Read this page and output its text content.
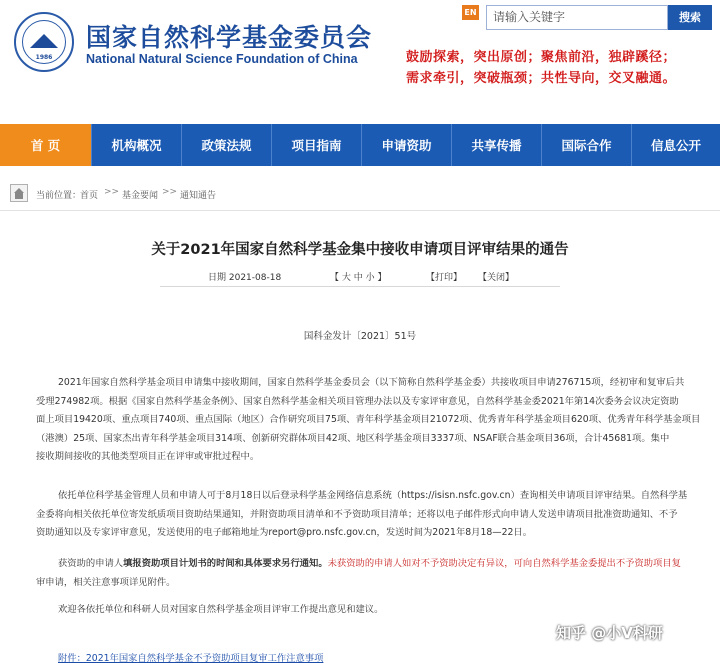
1986
国家自然科学基金委员会
National Natural Science Foundation of China
EN	请输入关键字	搜索
鼓励探索，突出原创；聚焦前沿，独辟蹊径；
需求牵引，突破瓶颈；共性导向，交叉融通。
首 页	机构概况	政策法规	项目指南	申请资助	共享传播	国际合作	信息公开
当前位置：
首页 >> 基金要闻 >> 通知通告
关于2021年国家自然科学基金集中接收申请项目评审结果的通告
日期 2021-08-18	【 大 中 小 】	【打印】 【关闭】
国科金发计〔2021〕51号
2021年国家自然科学基金项目申请集中接收期间，国家自然科学基金委员会（以下简称自然科学基金委）共接收项目申请276715项，经初审和复审后共
受理274982项。根据《国家自然科学基金条例》、国家自然科学基金相关项目管理办法以及专家评审意见，自然科学基金委2021年第14次委务会议决定资助
面上项目19420项、重点项目740项、重点国际（地区）合作研究项目75项、青年科学基金项目21072项、优秀青年科学基金项目620项、优秀青年科学基金项目
（港澳）25项、国家杰出青年科学基金项目314项、创新研究群体项目42项、地区科学基金项目3337项、NSAF联合基金项目36项，合计45681项。集中
接收期间接收的其他类型项目正在评审或审批过程中。
依托单位科学基金管理人员和申请人可于8月18日以后登录科学基金网络信息系统（https://isisn.nsfc.gov.cn）查询相关申请项目评审结果。自然科学基
金委将向相关依托单位寄发纸质项目资助结果通知，并附资助项目清单和不予资助项目清单；还将以电子邮件形式向申请人发送申请项目批准资助通知、不予
资助通知以及专家评审意见，发送使用的电子邮箱地址为report@pro.nsfc.gov.cn，发送时间为2021年8月18—22日。
获资助的申请人填报资助项目计划书的时间和具体要求另行通知。未获资助的申请人如对不予资助决定有异议，可向自然科学基金委提出不予资助项目复
审申请，相关注意事项详见附件。
欢迎各依托单位和科研人员对国家自然科学基金项目评审工作提出意见和建议。
知乎 @小V科研
附件：2021年国家自然科学基金不予资助项目复审工作注意事项
